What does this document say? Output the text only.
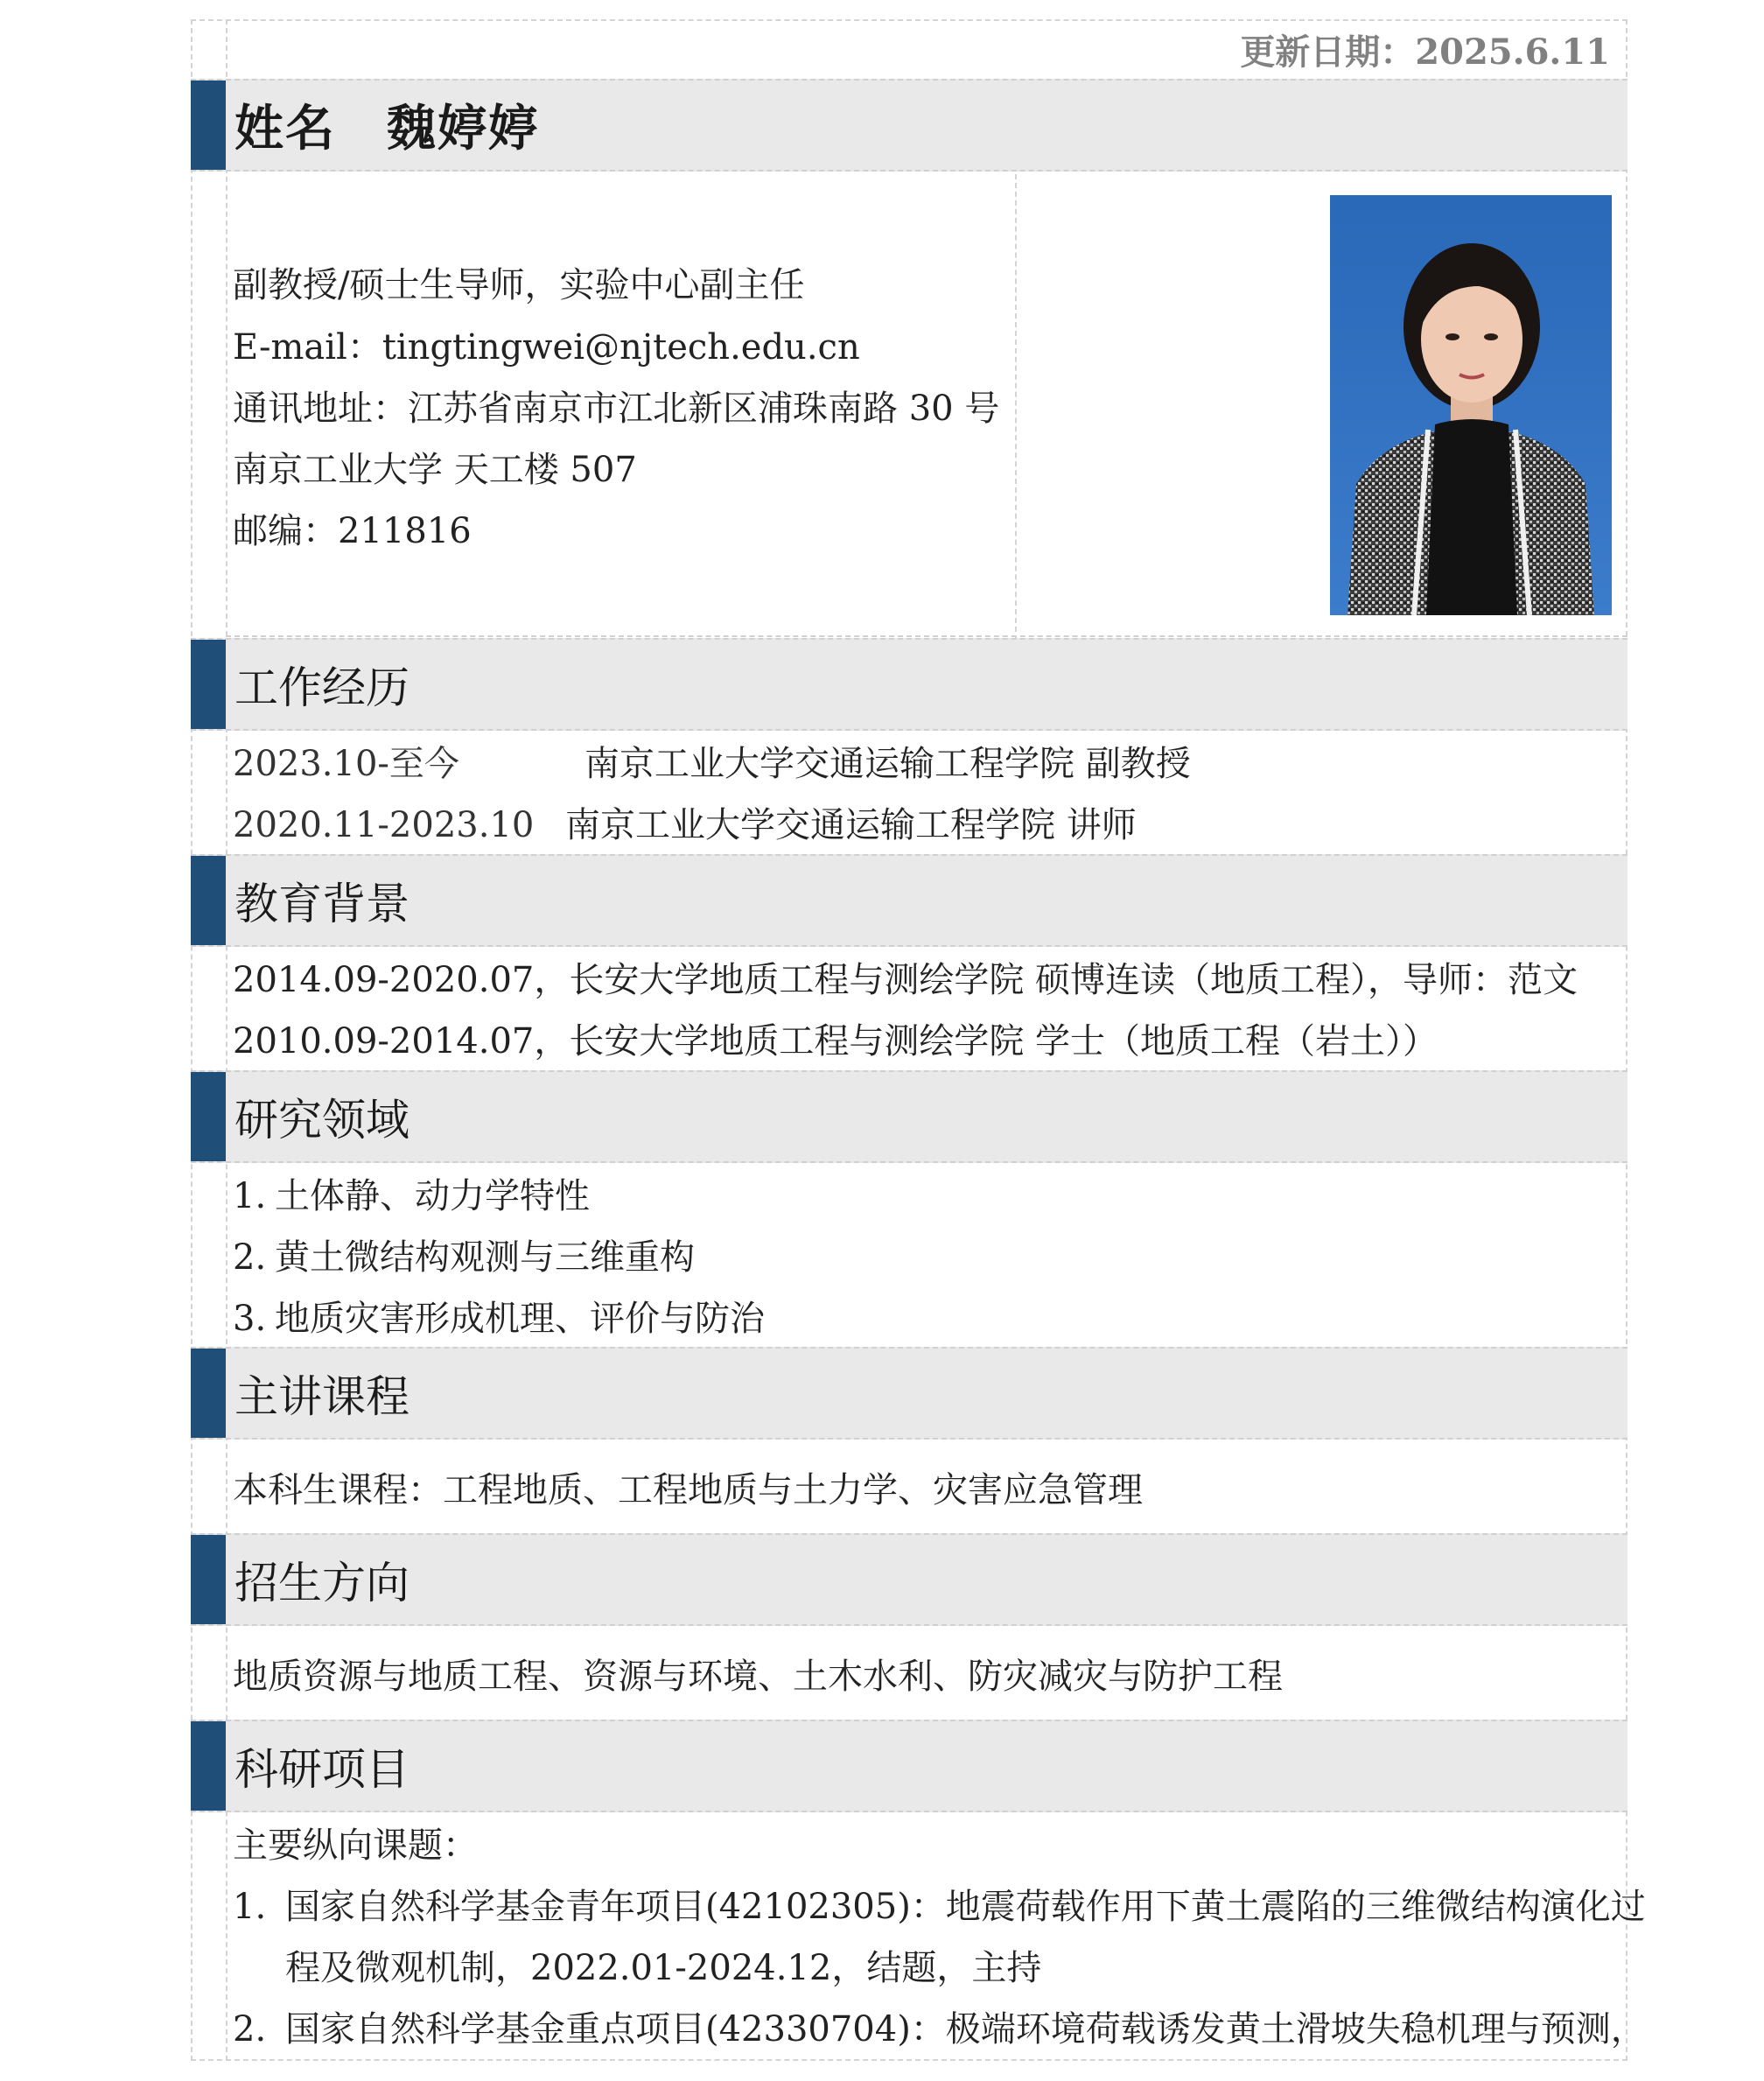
更新日期：2025.6.11
姓名 魏婷婷
副教授/硕士生导师，实验中心副主任
E-mail：tingtingwei@njtech.edu.cn
通讯地址：江苏省南京市江北新区浦珠南路 30 号
南京工业大学 天工楼 507
邮编：211816
工作经历
2023.10-至今	南京工业大学交通运输工程学院 副教授
2020.11-2023.10 南京工业大学交通运输工程学院 讲师
教育背景
2014.09-2020.07，长安大学地质工程与测绘学院 硕博连读（地质工程），导师：范文
2010.09-2014.07，长安大学地质工程与测绘学院 学士（地质工程（岩土））
研究领域
1. 土体静、动力学特性
2. 黄土微结构观测与三维重构
3. 地质灾害形成机理、评价与防治
主讲课程
本科生课程：工程地质、工程地质与土力学、灾害应急管理
招生方向
地质资源与地质工程、资源与环境、土木水利、防灾减灾与防护工程
科研项目
主要纵向课题：
1. 国家自然科学基金青年项目(42102305)：地震荷载作用下黄土震陷的三维微结构演化过
程及微观机制，2022.01-2024.12，结题，主持
2. 国家自然科学基金重点项目(42330704)：极端环境荷载诱发黄土滑坡失稳机理与预测，
